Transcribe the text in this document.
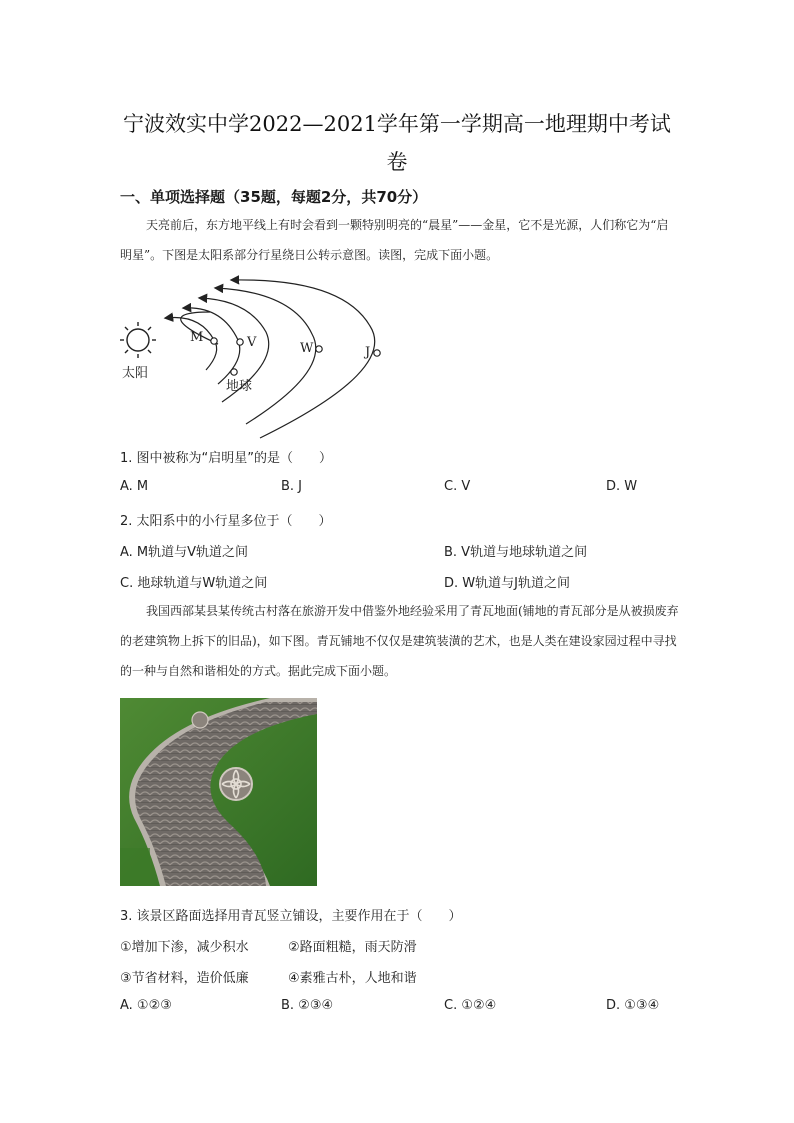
宁波效实中学2022—2021学年第一学期高一地理期中考试
卷
一、单项选择题（35题，每题2分，共70分）
天亮前后，东方地平线上有时会看到一颗特别明亮的“晨星”——金星，它不是光源，人们称它为“启明星”。下图是太阳系部分行星绕日公转示意图。读图，完成下面小题。
太阳
M	V
地球
W	J
1. 图中被称为“启明星”的是（　　）
A. M	B. J	C. V	D. W
2. 太阳系中的小行星多位于（　　）
A. M轨道与V轨道之间	B. V轨道与地球轨道之间
C. 地球轨道与W轨道之间	D. W轨道与J轨道之间
我国西部某县某传统古村落在旅游开发中借鉴外地经验采用了青瓦地面(铺地的青瓦部分是从被损废弃的老建筑物上拆下的旧品)，如下图。青瓦铺地不仅仅是建筑装潢的艺术，也是人类在建设家园过程中寻找的一种与自然和谐相处的方式。据此完成下面小题。
3. 该景区路面选择用青瓦竖立铺设，主要作用在于（　　）
①增加下渗，减少积水	②路面粗糙，雨天防滑
③节省材料，造价低廉	④素雅古朴，人地和谐
A. ①②③	B. ②③④	C. ①②④	D. ①③④
